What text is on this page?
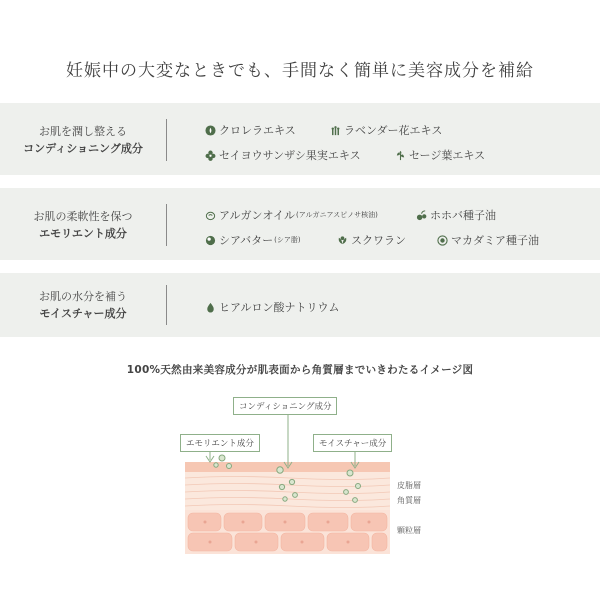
妊娠中の大変なときでも、手間なく簡単に美容成分を補給
お肌を潤し整える
コンディショニング成分
クロレラエキス	ラベンダー花エキス
セイヨウサンザシ果実エキス	セージ葉エキス
お肌の柔軟性を保つ
エモリエント成分
アルガンオイル (アルガニアスピノサ核油)	ホホバ種子油
シアバター (シア脂)	スクワラン	マカダミア種子油
お肌の水分を補う
モイスチャー成分	ヒアルロン酸ナトリウム
100%天然由来美容成分が肌表面から角質層までいきわたるイメージ図
コンディショニング成分
エモリエント成分	モイスチャー成分
皮脂層
角質層
顆粒層
